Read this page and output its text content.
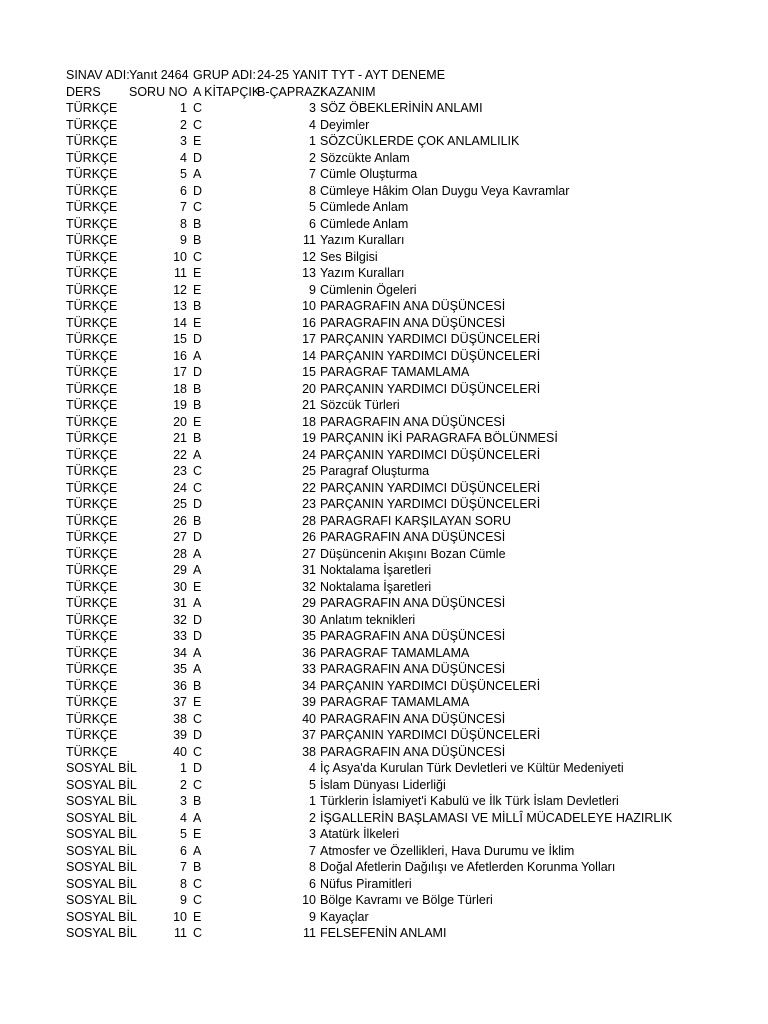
SINAV ADI: Yanıt 2464 GRUP ADI: 24-25 YANIT TYT - AYT DENEME
DERS SORU NO A KİTAPÇIK
B-ÇAPRAZI
KAZANIM
TÜRKÇE	1 C	3 SÖZ ÖBEKLERİNİN ANLAMI
TÜRKÇE	2 C	4 Deyimler
TÜRKÇE	3 E	1 SÖZCÜKLERDE ÇOK ANLAMLILIK
TÜRKÇE	4 D	2 Sözcükte Anlam
TÜRKÇE	5 A	7 Cümle Oluşturma
TÜRKÇE	6 D	8 Cümleye Hâkim Olan Duygu Veya Kavramlar
TÜRKÇE	7 C	5 Cümlede Anlam
TÜRKÇE	8 B	6 Cümlede Anlam
TÜRKÇE	9 B	11 Yazım Kuralları
TÜRKÇE	10 C	12 Ses Bilgisi
TÜRKÇE	11 E	13 Yazım Kuralları
TÜRKÇE	12 E	9 Cümlenin Ögeleri
TÜRKÇE	13 B	10 PARAGRAFIN ANA DÜŞÜNCESİ
TÜRKÇE	14 E	16 PARAGRAFIN ANA DÜŞÜNCESİ
TÜRKÇE	15 D	17 PARÇANIN YARDIMCI DÜŞÜNCELERİ
TÜRKÇE	16 A	14 PARÇANIN YARDIMCI DÜŞÜNCELERİ
TÜRKÇE	17 D	15 PARAGRAF TAMAMLAMA
TÜRKÇE	18 B	20 PARÇANIN YARDIMCI DÜŞÜNCELERİ
TÜRKÇE	19 B	21 Sözcük Türleri
TÜRKÇE	20 E	18 PARAGRAFIN ANA DÜŞÜNCESİ
TÜRKÇE	21 B	19 PARÇANIN İKİ PARAGRAFA BÖLÜNMESİ
TÜRKÇE	22 A	24 PARÇANIN YARDIMCI DÜŞÜNCELERİ
TÜRKÇE	23 C	25 Paragraf Oluşturma
TÜRKÇE	24 C	22 PARÇANIN YARDIMCI DÜŞÜNCELERİ
TÜRKÇE	25 D	23 PARÇANIN YARDIMCI DÜŞÜNCELERİ
TÜRKÇE	26 B	28 PARAGRAFI KARŞILAYAN SORU
TÜRKÇE	27 D	26 PARAGRAFIN ANA DÜŞÜNCESİ
TÜRKÇE	28 A	27 Düşüncenin Akışını Bozan Cümle
TÜRKÇE	29 A	31 Noktalama İşaretleri
TÜRKÇE	30 E	32 Noktalama İşaretleri
TÜRKÇE	31 A	29 PARAGRAFIN ANA DÜŞÜNCESİ
TÜRKÇE	32 D	30 Anlatım teknikleri
TÜRKÇE	33 D	35 PARAGRAFIN ANA DÜŞÜNCESİ
TÜRKÇE	34 A	36 PARAGRAF TAMAMLAMA
TÜRKÇE	35 A	33 PARAGRAFIN ANA DÜŞÜNCESİ
TÜRKÇE	36 B	34 PARÇANIN YARDIMCI DÜŞÜNCELERİ
TÜRKÇE	37 E	39 PARAGRAF TAMAMLAMA
TÜRKÇE	38 C	40 PARAGRAFIN ANA DÜŞÜNCESİ
TÜRKÇE	39 D	37 PARÇANIN YARDIMCI DÜŞÜNCELERİ
TÜRKÇE	40 C	38 PARAGRAFIN ANA DÜŞÜNCESİ
SOSYAL BİL	1 D	4 İç Asya'da Kurulan Türk Devletleri ve Kültür Medeniyeti
SOSYAL BİL	2 C	5 İslam Dünyası Liderliği
SOSYAL BİL	3 B	1 Türklerin İslamiyet'i Kabulü ve İlk Türk İslam Devletleri
SOSYAL BİL	4 A	2 İŞGALLERİN BAŞLAMASI VE MİLLÎ MÜCADELEYE HAZIRLIK
SOSYAL BİL	5 E	3 Atatürk İlkeleri
SOSYAL BİL	6 A	7 Atmosfer ve Özellikleri, Hava Durumu ve İklim
SOSYAL BİL	7 B	8 Doğal Afetlerin Dağılışı ve Afetlerden Korunma Yolları
SOSYAL BİL	8 C	6 Nüfus Piramitleri
SOSYAL BİL	9 C	10 Bölge Kavramı ve Bölge Türleri
SOSYAL BİL	10 E	9 Kayaçlar
SOSYAL BİL	11 C	11 FELSEFENİN ANLAMI
